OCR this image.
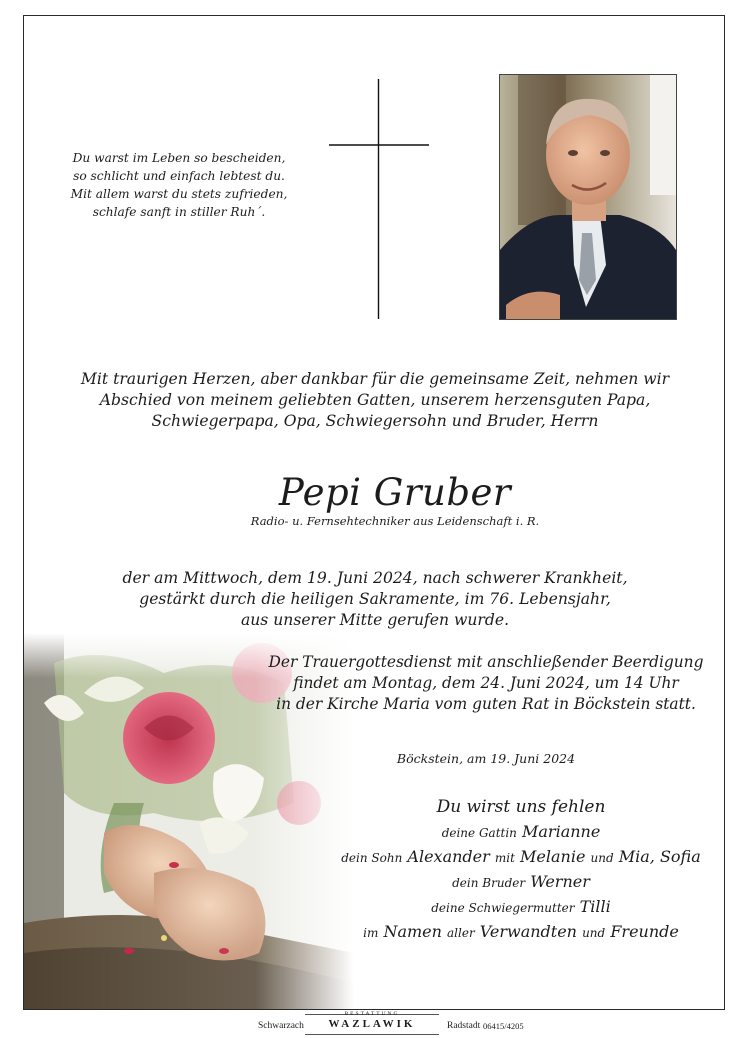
Du warst im Leben so bescheiden,
so schlicht und einfach lebtest du.
Mit allem warst du stets zufrieden,
schlafe sanft in stiller Ruh´.
Mit traurigen Herzen, aber dankbar für die gemeinsame Zeit, nehmen wir
Abschied von meinem geliebten Gatten, unserem herzensguten Papa,
Schwiegerpapa, Opa, Schwiegersohn und Bruder, Herrn
Pepi Gruber
Radio- u. Fernsehtechniker aus Leidenschaft i. R.
der am Mittwoch, dem 19. Juni 2024, nach schwerer Krankheit,
gestärkt durch die heiligen Sakramente, im 76. Lebensjahr,
aus unserer Mitte gerufen wurde.
Der Trauergottesdienst mit anschließender Beerdigung
findet am Montag, dem 24. Juni 2024, um 14 Uhr
in der Kirche Maria vom guten Rat in Böckstein statt.
Böckstein, am 19. Juni 2024
Du wirst uns fehlen
deine Gattin Marianne
dein Sohn Alexander mit Melanie und Mia, Sofia
dein Bruder Werner
deine Schwiegermutter Tilli
im Namen aller Verwandten und Freunde
Schwarzach
BESTATTUNG
WAZLAWIK	Radstadt 06415/4205
